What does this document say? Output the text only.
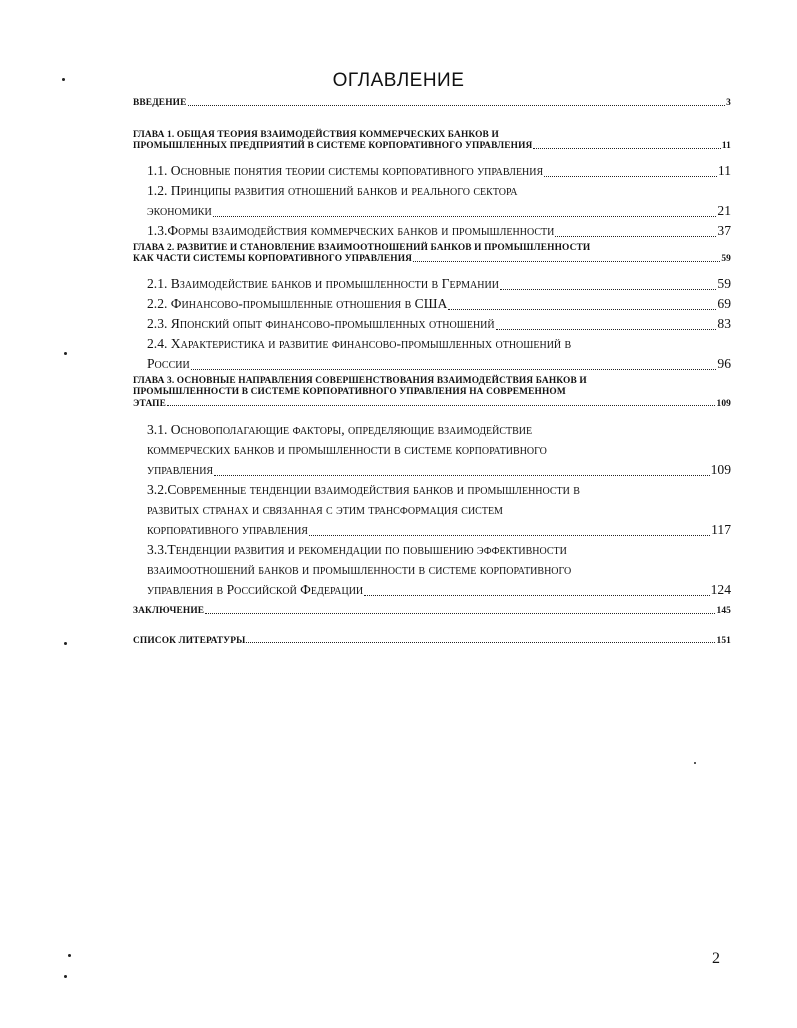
ОГЛАВЛЕНИЕ
ВВЕДЕНИЕ	3
ГЛАВА 1. ОБЩАЯ ТЕОРИЯ ВЗАИМОДЕЙСТВИЯ КОММЕРЧЕСКИХ БАНКОВ И
ПРОМЫШЛЕННЫХ ПРЕДПРИЯТИЙ В СИСТЕМЕ КОРПОРАТИВНОГО УПРАВЛЕНИЯ	11
1.1. Основные понятия теории системы корпоративного управления	11
1.2. Принципы развития отношений банков и реального сектора
экономики	21
1.3.Формы взаимодействия коммерческих банков и промышленности	37
ГЛАВА 2. РАЗВИТИЕ И СТАНОВЛЕНИЕ ВЗАИМООТНОШЕНИЙ БАНКОВ И ПРОМЫШЛЕННОСТИ
КАК ЧАСТИ СИСТЕМЫ КОРПОРАТИВНОГО УПРАВЛЕНИЯ	59
2.1. Взаимодействие банков и промышленности в Германии	59
2.2. Финансово-промышленные отношения в США	69
2.3. Японский опыт финансово-промышленных отношений	83
2.4. Характеристика и развитие финансово-промышленных отношений в
России	96
ГЛАВА 3. ОСНОВНЫЕ НАПРАВЛЕНИЯ СОВЕРШЕНСТВОВАНИЯ ВЗАИМОДЕЙСТВИЯ БАНКОВ И
ПРОМЫШЛЕННОСТИ В СИСТЕМЕ КОРПОРАТИВНОГО УПРАВЛЕНИЯ НА СОВРЕМЕННОМ
ЭТАПЕ	109
3.1. Основополагающие факторы, определяющие взаимодействие
коммерческих банков и промышленности в системе корпоративного
управления	109
3.2.Современные тенденции взаимодействия банков и промышленности в
развитых странах и связанная с этим трансформация систем
корпоративного управления	117
3.3.Тенденции развития и рекомендации по повышению эффективности
взаимоотношений банков и промышленности в системе корпоративного
управления в Российской Федерации	124
ЗАКЛЮЧЕНИЕ	145
СПИСОК ЛИТЕРАТУРЫ	151
2
